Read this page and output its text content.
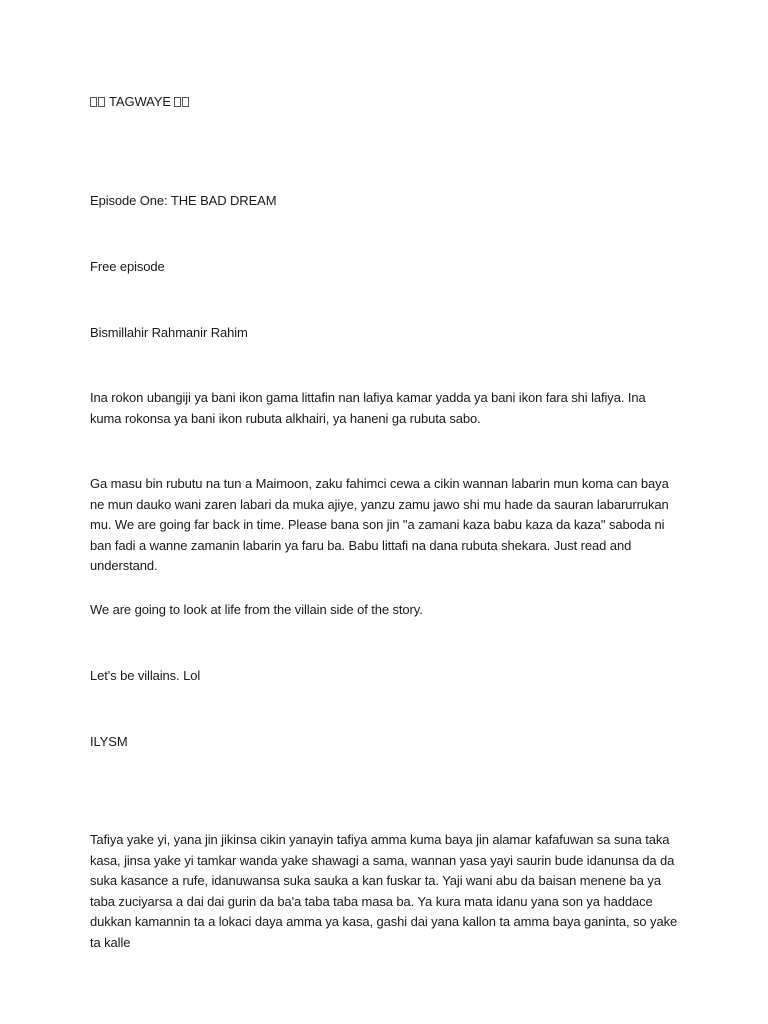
TAGWAYE

Episode One: THE BAD DREAM

Free episode

Bismillahir Rahmanir Rahim

Ina rokon ubangiji ya bani ikon gama littafin nan lafiya kamar yadda ya bani ikon fara shi lafiya. Ina kuma rokonsa ya bani ikon rubuta alkhairi, ya haneni ga rubuta sabo.

Ga masu bin rubutu na tun a Maimoon, zaku fahimci cewa a cikin wannan labarin mun koma can baya ne mun dauko wani zaren labari da muka ajiye, yanzu zamu jawo shi mu hade da sauran labarurrukan mu. We are going far back in time. Please bana son jin "a zamani kaza babu kaza da kaza" saboda ni ban fadi a wanne zamanin labarin ya faru ba. Babu littafi na dana rubuta shekara. Just read and understand.

We are going to look at life from the villain side of the story.

Let's be villains. Lol

ILYSM

Tafiya yake yi, yana jin jikinsa cikin yanayin tafiya amma kuma baya jin alamar kafafuwan sa suna taka kasa, jinsa yake yi tamkar wanda yake shawagi a sama, wannan yasa yayi saurin bude idanunsa da da suka kasance a rufe, idanuwansa suka sauka a kan fuskar ta. Yaji wani abu da baisan menene ba ya taba zuciyarsa a dai dai gurin da ba'a taba taba masa ba. Ya kura mata idanu yana son ya haddace dukkan kamannin ta a lokaci daya amma ya kasa, gashi dai yana kallon ta amma baya ganinta, so yake ta kalle
